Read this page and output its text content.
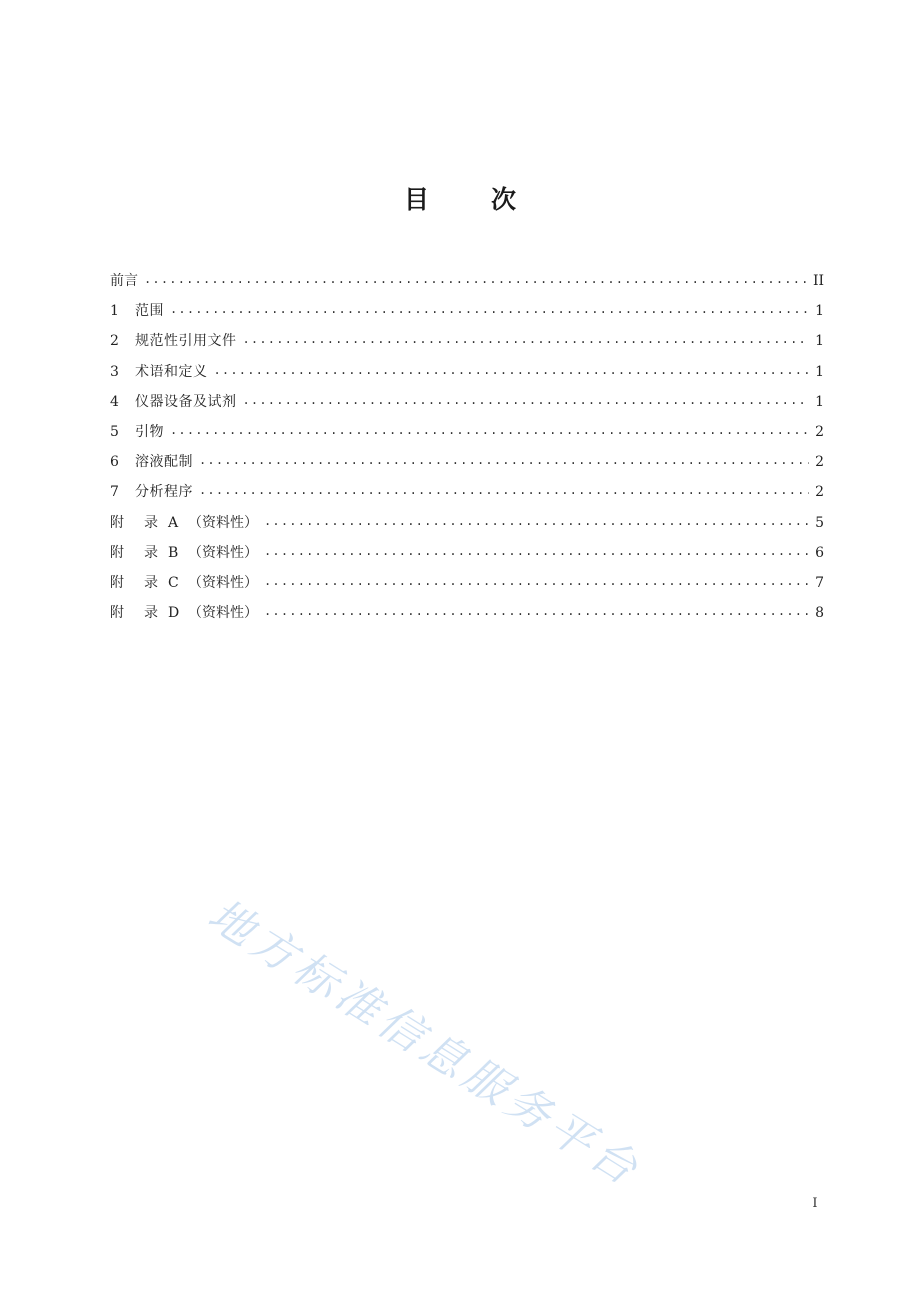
目 次
前 言 .....	II
1	范围 .....	1
2	规范性引用文件 .....	1
3	术语和定义 .....	1
4	仪器设备及试剂 .....	1
5	引物 .....	2
6	溶液配制 .....	2
7	分析程序 .....	2
附	录 A （资料性） .....	5
附	录 B （资料性） .....	6
附	录 C （资料性） .....	7
附	录 D （资料性） .....	8
地方标准信息服务平台
I
